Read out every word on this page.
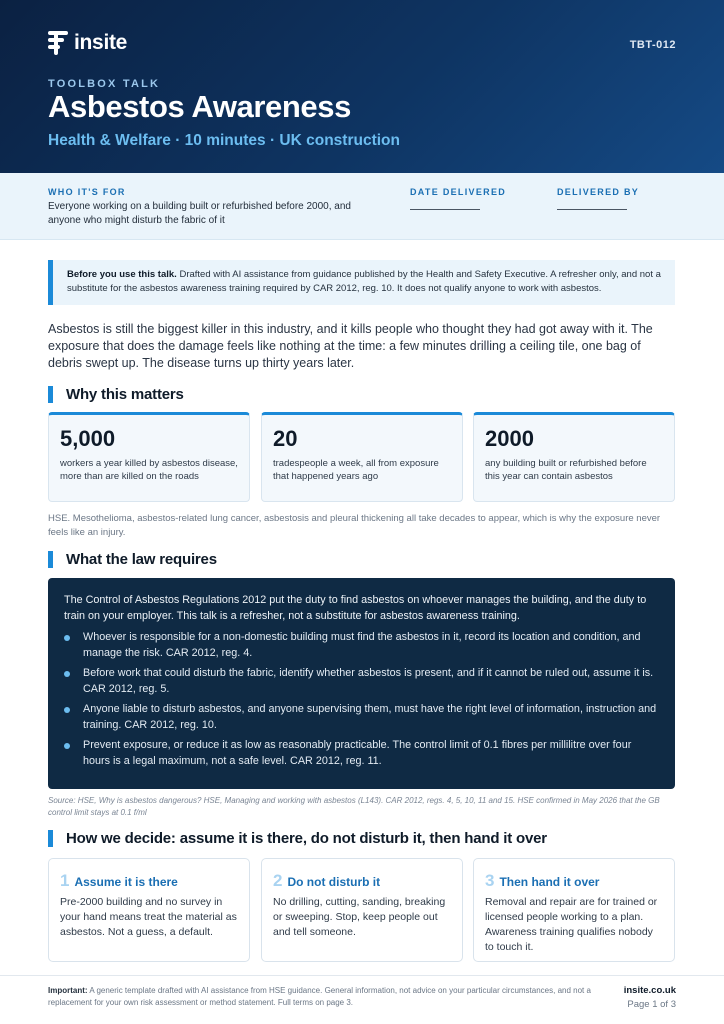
insite	TBT-012
TOOLBOX TALK
Asbestos Awareness
Health & Welfare · 10 minutes · UK construction
WHO IT'S FOR
Everyone working on a building built or refurbished before 2000, and anyone who might disturb the fabric of it
DATE DELIVERED	DELIVERED BY
Before you use this talk. Drafted with AI assistance from guidance published by the Health and Safety Executive. A refresher only, and not a substitute for the asbestos awareness training required by CAR 2012, reg. 10. It does not qualify anyone to work with asbestos.

Asbestos is still the biggest killer in this industry, and it kills people who thought they had got away with it. The exposure that does the damage feels like nothing at the time: a few minutes drilling a ceiling tile, one bag of debris swept up. The disease turns up thirty years later.

Why this matters
5,000
workers a year killed by asbestos disease, more than are killed on the roads
20
tradespeople a week, all from exposure that happened years ago
2000
any building built or refurbished before this year can contain asbestos

HSE. Mesothelioma, asbestos-related lung cancer, asbestosis and pleural thickening all take decades to appear, which is why the exposure never feels like an injury.

What the law requires

The Control of Asbestos Regulations 2012 put the duty to find asbestos on whoever manages the building, and the duty to train on your employer. This talk is a refresher, not a substitute for asbestos awareness training.

Whoever is responsible for a non-domestic building must find the asbestos in it, record its location and condition, and manage the risk. CAR 2012, reg. 4.
Before work that could disturb the fabric, identify whether asbestos is present, and if it cannot be ruled out, assume it is. CAR 2012, reg. 5.
Anyone liable to disturb asbestos, and anyone supervising them, must have the right level of information, instruction and training. CAR 2012, reg. 10.
Prevent exposure, or reduce it as low as reasonably practicable. The control limit of 0.1 fibres per millilitre over four hours is a legal maximum, not a safe level. CAR 2012, reg. 11.

Source: HSE, Why is asbestos dangerous? HSE, Managing and working with asbestos (L143). CAR 2012, regs. 4, 5, 10, 11 and 15. HSE confirmed in May 2026 that the GB control limit stays at 0.1 f/ml

How we decide: assume it is there, do not disturb it, then hand it over
1 Assume it is there
Pre-2000 building and no survey in your hand means treat the material as asbestos. Not a guess, a default.
2 Do not disturb it
No drilling, cutting, sanding, breaking or sweeping. Stop, keep people out and tell someone.
3 Then hand it over
Removal and repair are for trained or licensed people working to a plan. Awareness training qualifies nobody to touch it.

Important: A generic template drafted with AI assistance from HSE guidance. General information, not advice on your particular circumstances, and not a replacement for your own risk assessment or method statement. Full terms on page 3.

insite.co.uk
Page 1 of 3
